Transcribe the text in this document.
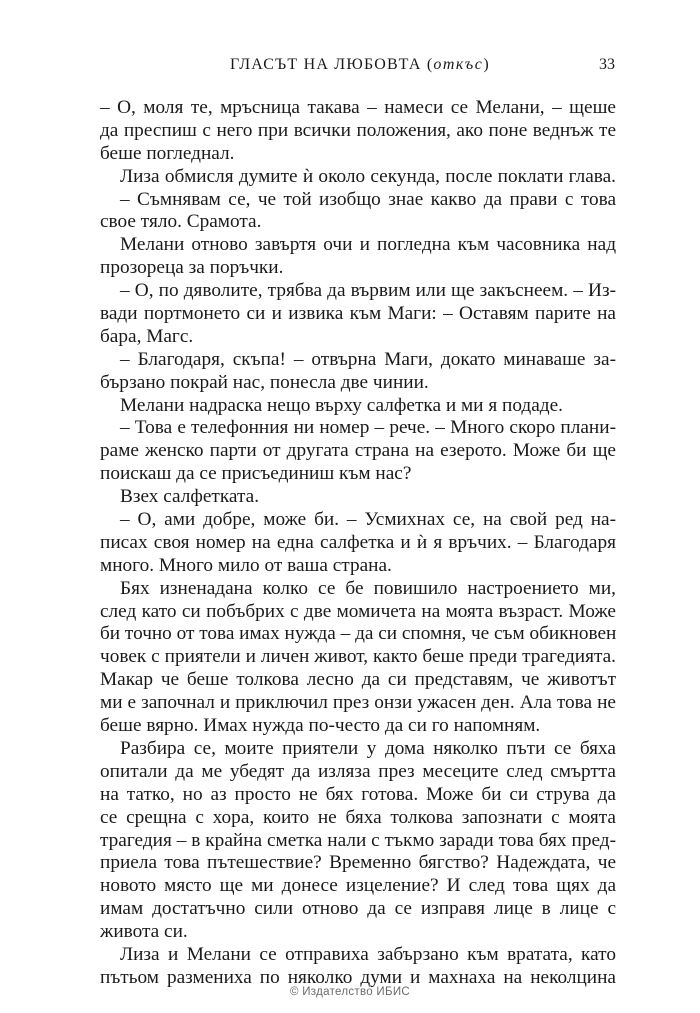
ГЛАСЪТ НА ЛЮБОВТА (откъс)	33
– О, моля те, мръсница такава – намеси се Мелани, – щеше
да преспиш с него при всички положения, ако поне веднъж те
беше погледнал.
Лиза обмисля думите ѝ около секунда, после поклати глава.
– Съмнявам се, че той изобщо знае какво да прави с това
свое тяло. Срамота.
Мелани отново завъртя очи и погледна към часовника над
прозореца за поръчки.
– О, по дяволите, трябва да вървим или ще закъснеем. – Из-
вади портмонето си и извика към Маги: – Оставям парите на
бара, Магс.
– Благодаря, скъпа! – отвърна Маги, докато минаваше за-
бързано покрай нас, понесла две чинии.
Мелани надраска нещо върху салфетка и ми я подаде.
– Това е телефонния ни номер – рече. – Много скоро плани-
раме женско парти от другата страна на езерото. Може би ще
поискаш да се присъединиш към нас?
Взех салфетката.
– О, ами добре, може би. – Усмихнах се, на свой ред на-
писах своя номер на една салфетка и ѝ я връчих. – Благодаря
много. Много мило от ваша страна.
Бях изненадана колко се бе повишило настроението ми,
след като си побъбрих с две момичета на моята възраст. Може
би точно от това имах нужда – да си спомня, че съм обикновен
човек с приятели и личен живот, както беше преди трагедията.
Макар че беше толкова лесно да си представям, че животът
ми е започнал и приключил през онзи ужасен ден. Ала това не
беше вярно. Имах нужда по-често да си го напомням.
Разбира се, моите приятели у дома няколко пъти се бяха
опитали да ме убедят да изляза през месеците след смъртта
на татко, но аз просто не бях готова. Може би си струва да
се срещна с хора, които не бяха толкова запознати с моята
трагедия – в крайна сметка нали с тъкмо заради това бях пред-
приела това пътешествие? Временно бягство? Надеждата, че
новото място ще ми донесе изцеление? И след това щях да
имам достатъчно сили отново да се изправя лице в лице с
живота си.
Лиза и Мелани се отправиха забързано към вратата, като
пътьом размениха по няколко думи и махнаха на неколцина
© Издателство ИБИС
